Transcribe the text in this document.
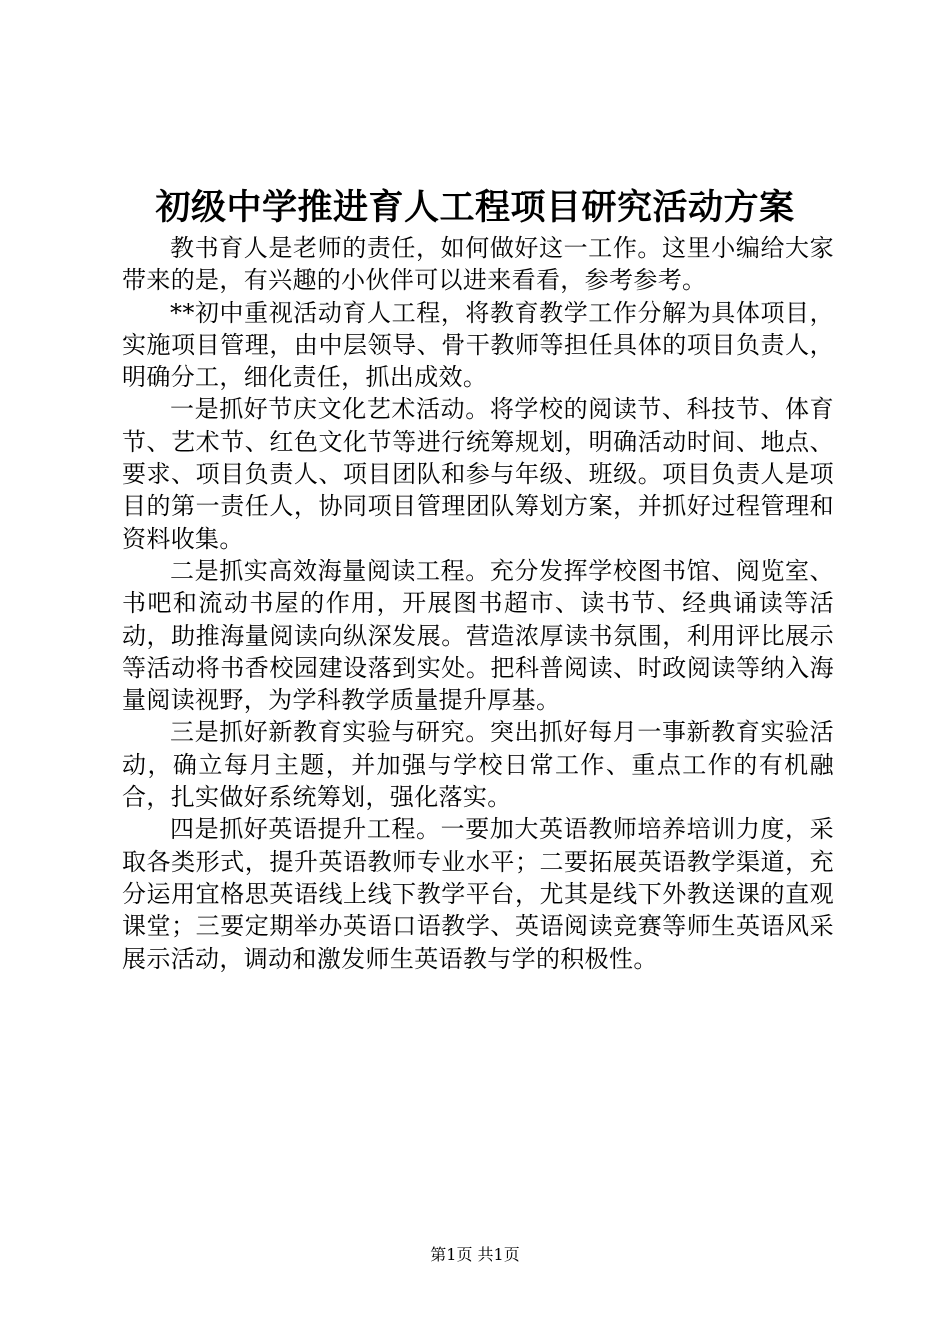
初级中学推进育人工程项目研究活动方案

教书育人是老师的责任，如何做好这一工作。这里小编给大家带来的是，有兴趣的小伙伴可以进来看看，参考参考。

**初中重视活动育人工程，将教育教学工作分解为具体项目，实施项目管理，由中层领导、骨干教师等担任具体的项目负责人，明确分工，细化责任，抓出成效。

一是抓好节庆文化艺术活动。将学校的阅读节、科技节、体育节、艺术节、红色文化节等进行统筹规划，明确活动时间、地点、要求、项目负责人、项目团队和参与年级、班级。项目负责人是项目的第一责任人，协同项目管理团队筹划方案，并抓好过程管理和资料收集。

二是抓实高效海量阅读工程。充分发挥学校图书馆、阅览室、书吧和流动书屋的作用，开展图书超市、读书节、经典诵读等活动，助推海量阅读向纵深发展。营造浓厚读书氛围，利用评比展示等活动将书香校园建设落到实处。把科普阅读、时政阅读等纳入海量阅读视野，为学科教学质量提升厚基。

三是抓好新教育实验与研究。突出抓好每月一事新教育实验活动，确立每月主题，并加强与学校日常工作、重点工作的有机融合，扎实做好系统筹划，强化落实。

四是抓好英语提升工程。一要加大英语教师培养培训力度，采取各类形式，提升英语教师专业水平；二要拓展英语教学渠道，充分运用宜格思英语线上线下教学平台，尤其是线下外教送课的直观课堂；三要定期举办英语口语教学、英语阅读竞赛等师生英语风采展示活动，调动和激发师生英语教与学的积极性。

第1页 共1页
